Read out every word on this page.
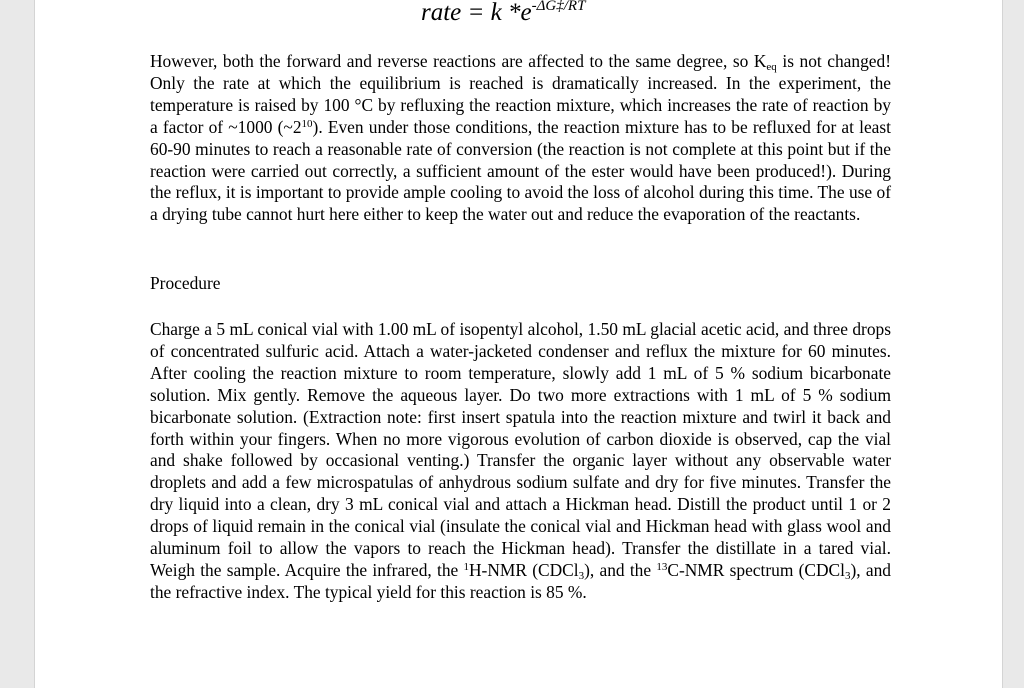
rate = k $*e^{-\Delta G\ddagger/RT}$
However, both the forward and reverse reactions are affected to the same degree, so $K_{eq}$ is not changed! Only the rate at which the equilibrium is reached is dramatically increased. In the experiment, the temperature is raised by 100 °C by refluxing the reaction mixture, which increases the rate of reaction by a factor of ~1000 $(\sim 2^{10})$. Even under those conditions, the reaction mixture has to be refluxed for at least 60-90 minutes to reach a reasonable rate of conversion (the reaction is not complete at this point but if the reaction were carried out correctly, a sufficient amount of the ester would have been produced!). During the reflux, it is important to provide ample cooling to avoid the loss of alcohol during this time. The use of a drying tube cannot hurt here either to keep the water out and reduce the evaporation of the reactants.
Procedure
Charge a 5 mL conical vial with 1.00 mL of isopentyl alcohol, 1.50 mL glacial acetic acid, and three drops of concentrated sulfuric acid. Attach a water-jacketed condenser and reflux the mixture for 60 minutes. After cooling the reaction mixture to room temperature, slowly add 1 mL of 5 % sodium bicarbonate solution. Mix gently. Remove the aqueous layer. Do two more extractions with 1 mL of 5 % sodium bicarbonate solution. (Extraction note: first insert spatula into the reaction mixture and twirl it back and forth within your fingers. When no more vigorous evolution of carbon dioxide is observed, cap the vial and shake followed by occasional venting.) Transfer the organic layer without any observable water droplets and add a few microspatulas of anhydrous sodium sulfate and dry for five minutes. Transfer the dry liquid into a clean, dry 3 mL conical vial and attach a Hickman head. Distill the product until 1 or 2 drops of liquid remain in the conical vial (insulate the conical vial and Hickman head with glass wool and aluminum foil to allow the vapors to reach the Hickman head). Transfer the distillate in a tared vial. Weigh the sample. Acquire the infrared, the $^1$H-NMR (CDCl$_3$), and the $^{13}$C-NMR spectrum (CDCl$_3$), and the refractive index. The typical yield for this reaction is 85 %.
